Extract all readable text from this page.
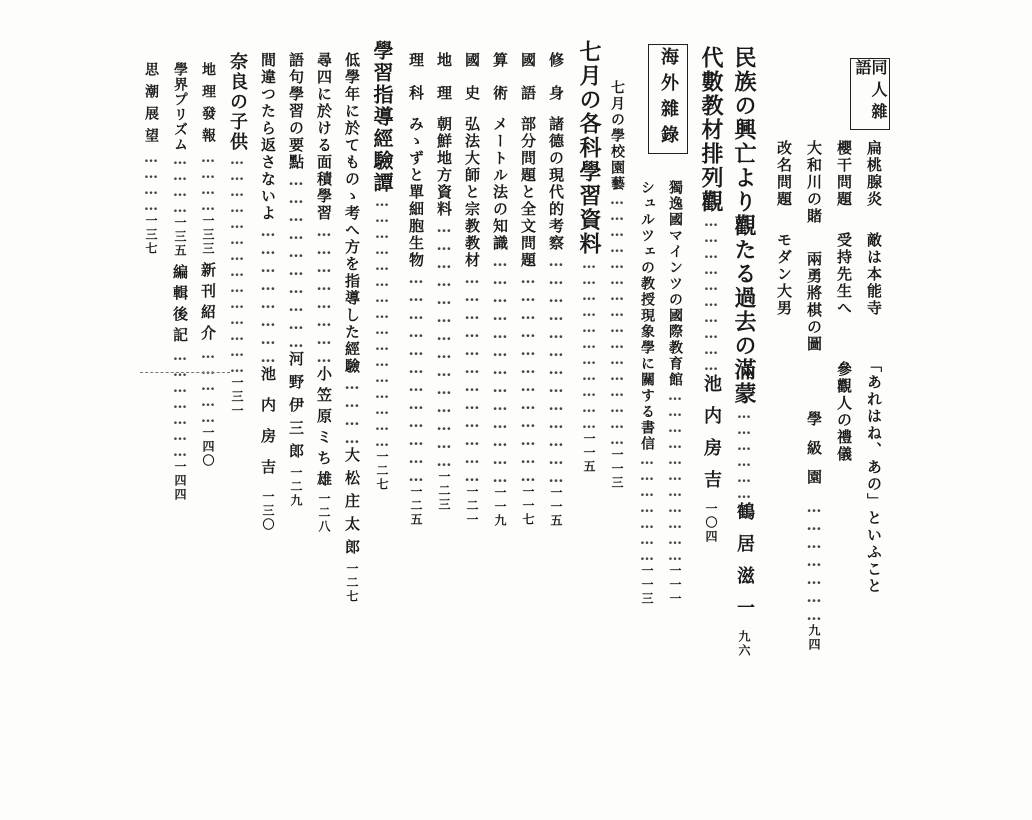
同人雜語
扁桃腺炎敵は本能寺「あれはね、あの」といふこと
櫻干問題受持先生へ參觀人の禮儀
大和川の賭兩勇將棋の圖學級園…………………九四
改名問題モダン大男
民族の興亡より觀たる過去の滿蒙………………鶴居滋一九六
代數教材排列觀…………………………池内房吉一〇四
海外雜錄
獨逸國マインツの國際教育館……………………………一一一
シュルツェの教授現象學に關する書信…………………一一三
七月の學校園藝…………………………………………一一三
七月の各科學習資料……………………………一一五
修身諸德の現代的考察…………………………………一一五
國語部分問題と全文問題………………………………一一七
算術メートル法の知識…………………………………一一九
國史弘法大師と宗教教材………………………………一二一
地理朝鮮地方資料……………………………………一二三
理科みゝずと單細胞生物………………………………一二五
學習指導經驗譚…………………………………………一二七
低學年に於てものゝ考へ方を指導した經驗…………大松庄太郎一二七
尋四に於ける面積學習……………………小笠原ミち雄一二八
語句學習の要點…………………………河野伊三郎一二九
間違つたら返さないよ……………………池内房吉一三〇
奈良の子供……………………………………一三一
地理發報…………一三三新刊紹介……………一四〇
學界プリズム…………一三五編輯後記…………………一四四
思潮展望…………一三七
